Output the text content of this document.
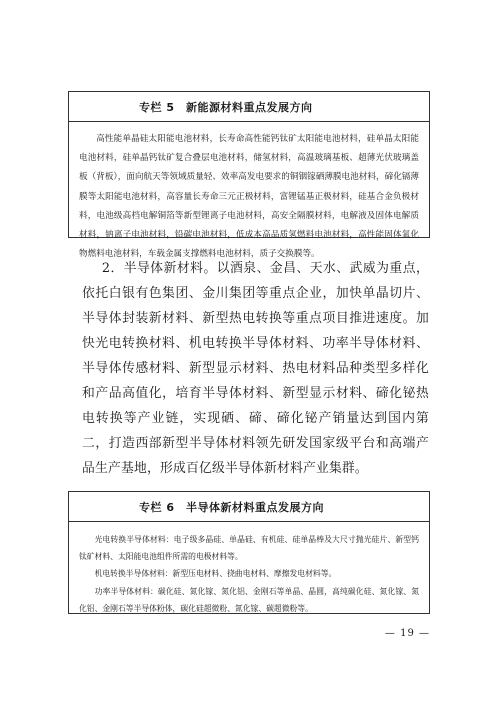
专栏 5　新能源材料重点发展方向

高性能单晶硅太阳能电池材料，长寿命高性能钙钛矿太阳能电池材料，硅单晶太阳能电池材料，硅单晶钙钛矿复合叠层电池材料，储氢材料，高温玻璃基板、超薄光伏玻璃盖板（背板），面向航天等领域质量轻、效率高发电要求的铜铟镓硒薄膜电池材料，碲化镉薄膜等太阳能电池材料，高容量长寿命三元正极材料，富锂锰基正极材料，硅基合金负极材料，电池级高档电解铜箔等新型锂离子电池材料，高安全隔膜材料，电解液及固体电解质材料，钠离子电池材料，铅碳电池材料，低成本高品质氢燃料电池材料，高性能固体氧化物燃料电池材料，车载金属支撑燃料电池材料，质子交换膜等。

2．半导体新材料。以酒泉、金昌、天水、武威为重点，依托白银有色集团、金川集团等重点企业，加快单晶切片、半导体封装新材料、新型热电转换等重点项目推进速度。加快光电转换材料、机电转换半导体材料、功率半导体材料、半导体传感材料、新型显示材料、热电材料品种类型多样化和产品高值化，培育半导体材料、新型显示材料、碲化铋热电转换等产业链，实现硒、碲、碲化铋产销量达到国内第二，打造西部新型半导体材料领先研发国家级平台和高端产品生产基地，形成百亿级半导体新材料产业集群。

专栏 6　半导体新材料重点发展方向

光电转换半导体材料：电子级多晶硅、单晶硅、有机硅、硅单晶棒及大尺寸抛光硅片、新型钙钛矿材料、太阳能电池组件所需的电极材料等。

机电转换半导体材料：新型压电材料、挠曲电材料、摩擦发电材料等。

功率半导体材料：碳化硅、氮化镓、氮化铝、金刚石等单晶、晶圆，高纯碳化硅、氮化镓、氮化铝、金刚石等半导体粉体，碳化硅超微粉、氮化镓、碳超微粉等。

— 19 —
